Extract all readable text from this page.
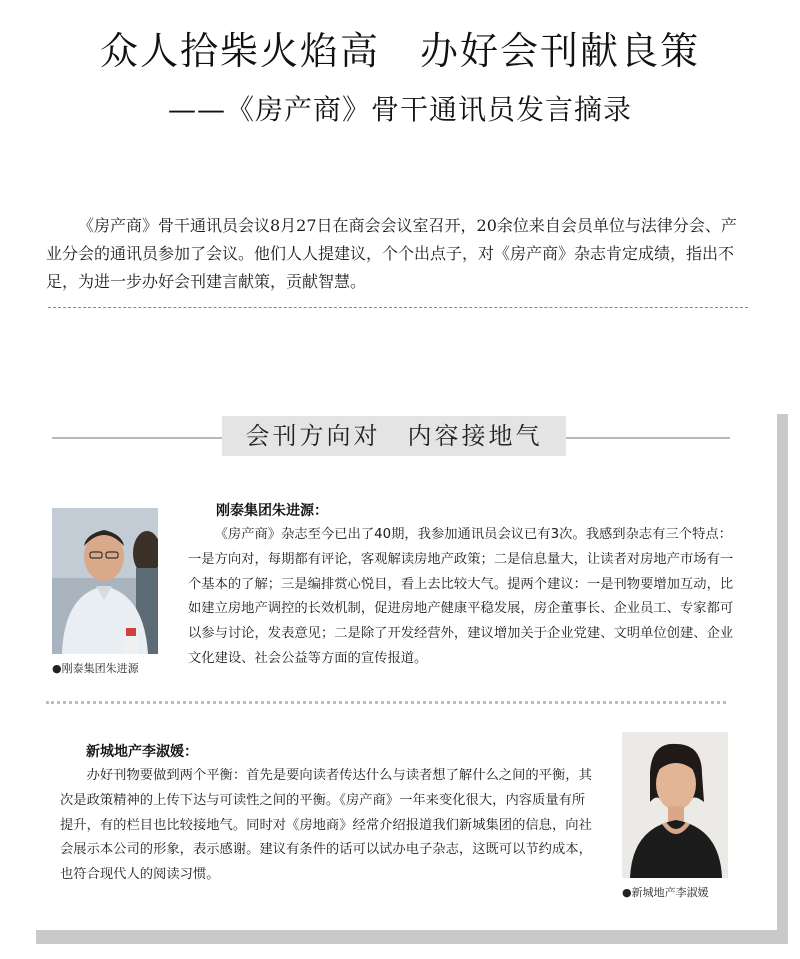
众人拾柴火焰高　办好会刊献良策
——《房产商》骨干通讯员发言摘录
《房产商》骨干通讯员会议8月27日在商会会议室召开，20余位来自会员单位与法律分会、产业分会的通讯员参加了会议。他们人人提建议，个个出点子，对《房产商》杂志肯定成绩，指出不足，为进一步办好会刊建言献策，贡献智慧。
会刊方向对　内容接地气
●刚泰集团朱进源
刚泰集团朱进源：
《房产商》杂志至今已出了40期，我参加通讯员会议已有3次。我感到杂志有三个特点：一是方向对，每期都有评论，客观解读房地产政策；二是信息量大，让读者对房地产市场有一个基本的了解；三是编排赏心悦目，看上去比较大气。提两个建议：一是刊物要增加互动，比如建立房地产调控的长效机制，促进房地产健康平稳发展，房企董事长、企业员工、专家都可以参与讨论，发表意见；二是除了开发经营外，建议增加关于企业党建、文明单位创建、企业文化建设、社会公益等方面的宣传报道。
新城地产李淑媛：
办好刊物要做到两个平衡：首先是要向读者传达什么与读者想了解什么之间的平衡，其次是政策精神的上传下达与可读性之间的平衡。《房产商》一年来变化很大，内容质量有所提升，有的栏目也比较接地气。同时对《房地商》经常介绍报道我们新城集团的信息，向社会展示本公司的形象，表示感谢。建议有条件的话可以试办电子杂志，这既可以节约成本，也符合现代人的阅读习惯。
●新城地产李淑媛
